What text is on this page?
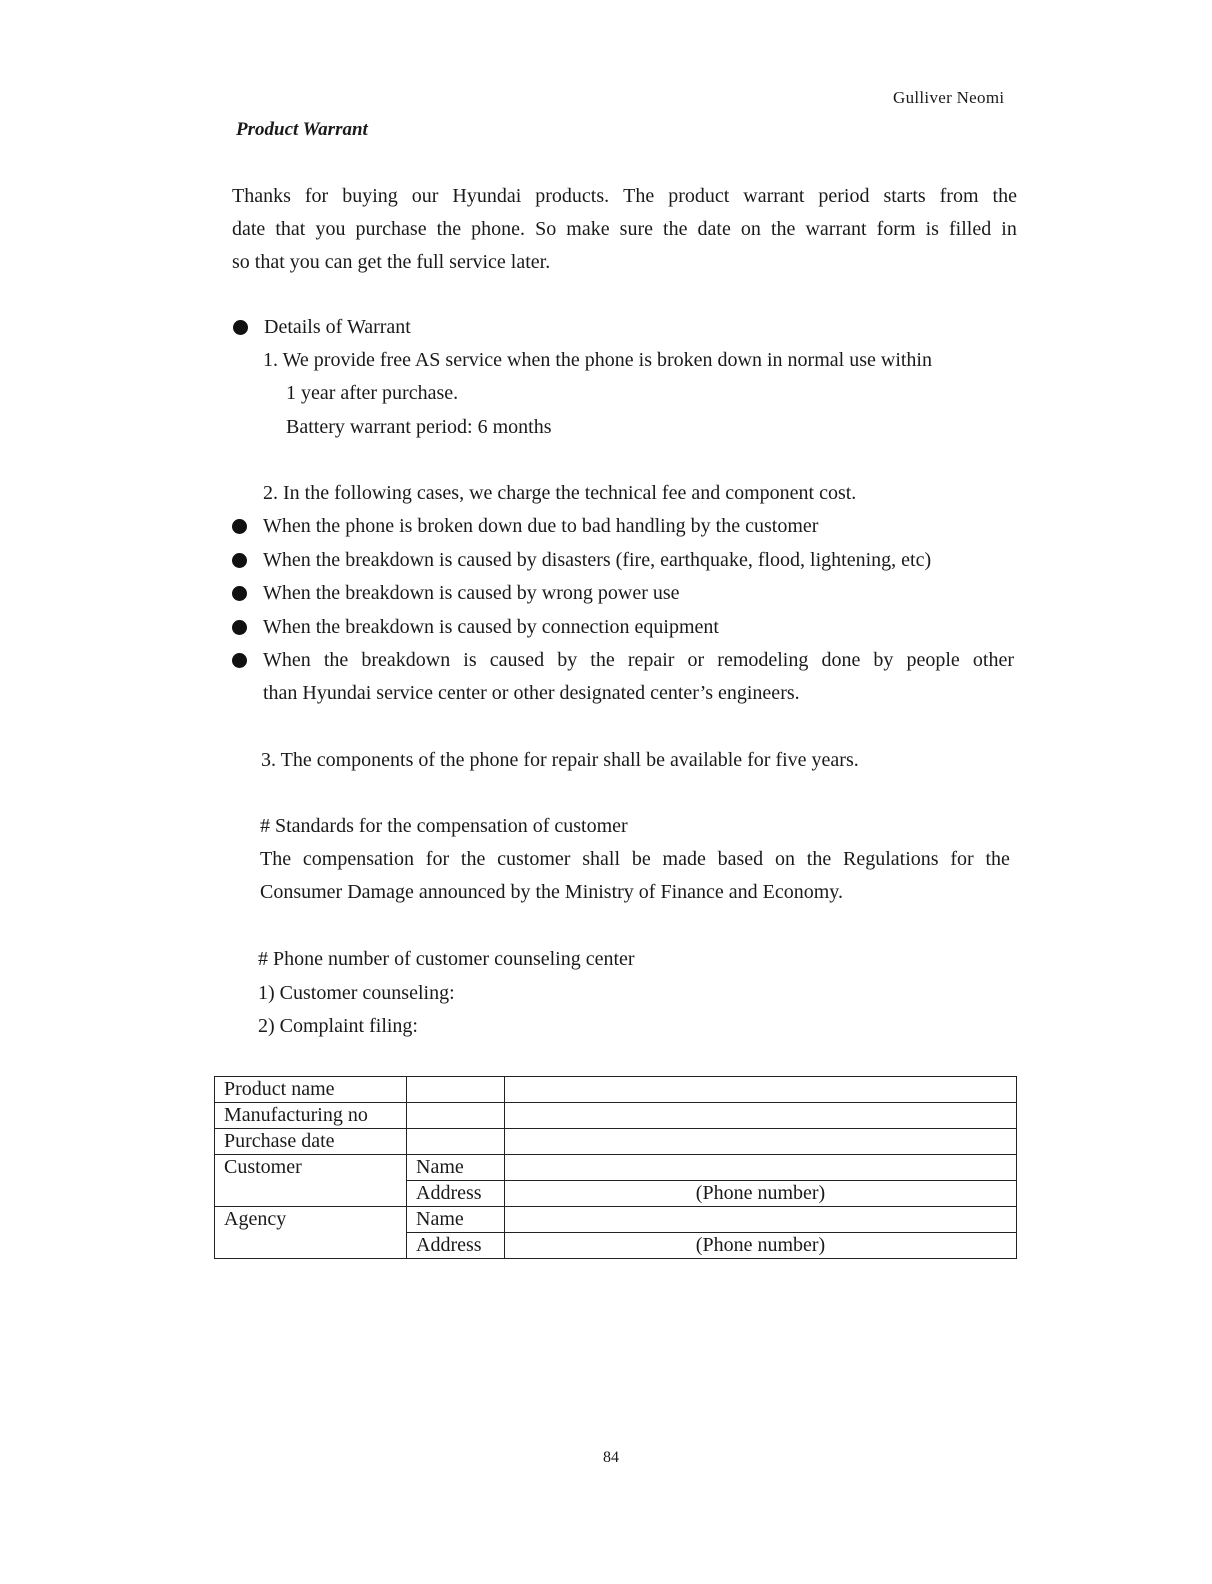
Gulliver Neomi
Product Warrant
Thanks for buying our Hyundai products. The product warrant period starts from the
date that you purchase the phone. So make sure the date on the warrant form is filled in
so that you can get the full service later.
Details of Warrant
1. We provide free AS service when the phone is broken down in normal use within
1 year after purchase.
Battery warrant period: 6 months
2. In the following cases, we charge the technical fee and component cost.
When the phone is broken down due to bad handling by the customer
When the breakdown is caused by disasters (fire, earthquake, flood, lightening, etc)
When the breakdown is caused by wrong power use
When the breakdown is caused by connection equipment
When the breakdown is caused by the repair or remodeling done by people other
than Hyundai service center or other designated center’s engineers.
3. The components of the phone for repair shall be available for five years.
# Standards for the compensation of customer
The compensation for the customer shall be made based on the Regulations for the
Consumer Damage announced by the Ministry of Finance and Economy.
# Phone number of customer counseling center
1) Customer counseling:
2) Complaint filing:
Product name		
Manufacturing no		
Purchase date		
Customer	Name	
	Address	(Phone number)
Agency	Name	
	Address	(Phone number)
84
